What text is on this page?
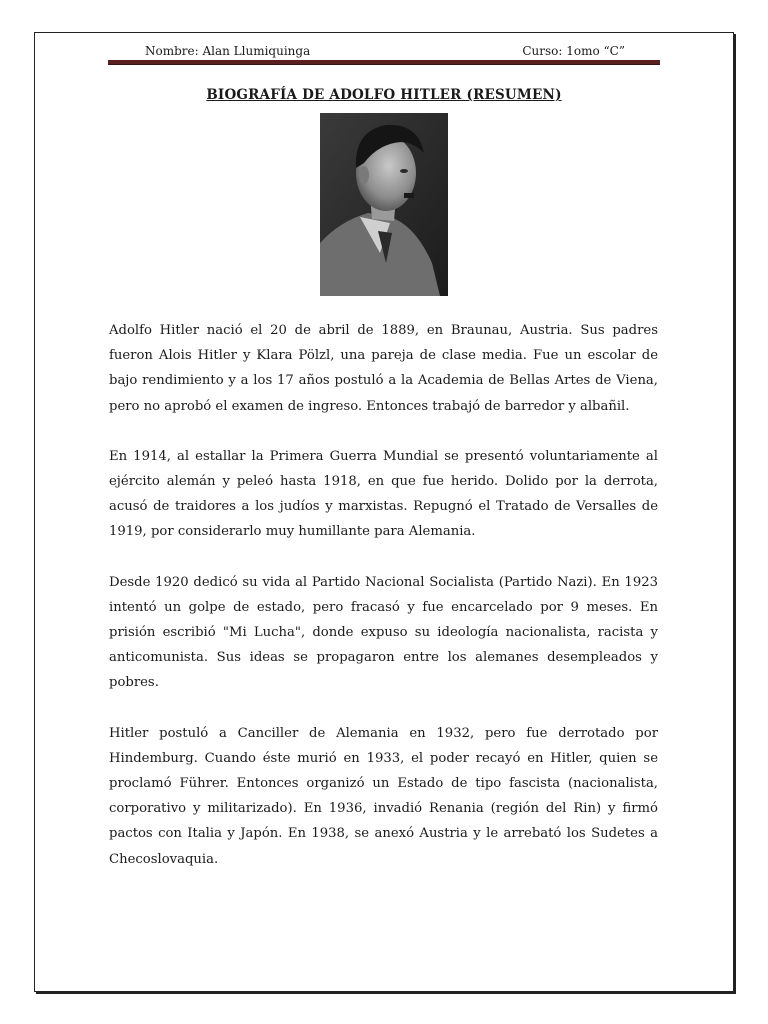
Nombre: Alan Llumiquinga	Curso: 1omo “C”
BIOGRAFÍA DE ADOLFO HITLER (RESUMEN)

Adolfo Hitler nació el 20 de abril de 1889, en Braunau, Austria. Sus padres fueron Alois Hitler y Klara Pölzl, una pareja de clase media. Fue un escolar de bajo rendimiento y a los 17 años postuló a la Academia de Bellas Artes de Viena, pero no aprobó el examen de ingreso. Entonces trabajó de barredor y albañil.

En 1914, al estallar la Primera Guerra Mundial se presentó voluntariamente al ejército alemán y peleó hasta 1918, en que fue herido. Dolido por la derrota, acusó de traidores a los judíos y marxistas. Repugnó el Tratado de Versalles de 1919, por considerarlo muy humillante para Alemania.

Desde 1920 dedicó su vida al Partido Nacional Socialista (Partido Nazi). En 1923 intentó un golpe de estado, pero fracasó y fue encarcelado por 9 meses. En prisión escribió "Mi Lucha", donde expuso su ideología nacionalista, racista y anticomunista. Sus ideas se propagaron entre los alemanes desempleados y pobres.

Hitler postuló a Canciller de Alemania en 1932, pero fue derrotado por Hindemburg. Cuando éste murió en 1933, el poder recayó en Hitler, quien se proclamó Führer. Entonces organizó un Estado de tipo fascista (nacionalista, corporativo y militarizado). En 1936, invadió Renania (región del Rin) y firmó pactos con Italia y Japón. En 1938, se anexó Austria y le arrebató los Sudetes a Checoslovaquia.
